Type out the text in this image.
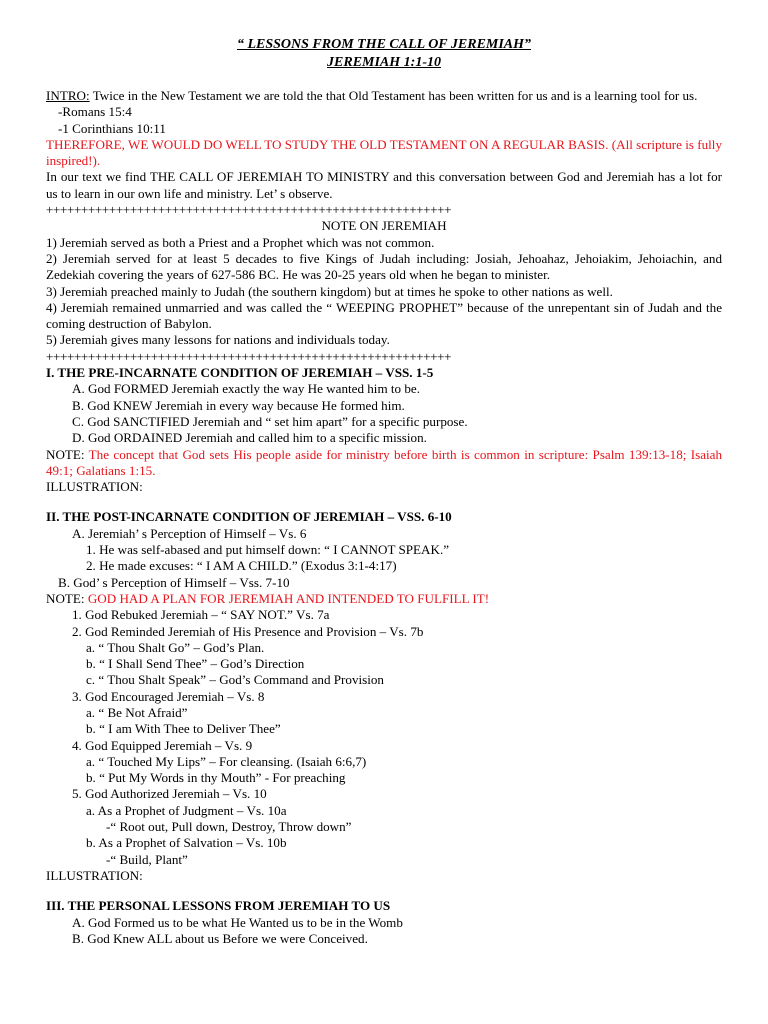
“ LESSONS FROM THE CALL OF JEREMIAH”
JEREMIAH 1:1-10
INTRO: Twice in the New Testament we are told the that Old Testament has been written for us and is a learning tool for us.
-Romans 15:4
-1 Corinthians 10:11
THEREFORE, WE WOULD DO WELL TO STUDY THE OLD TESTAMENT ON A REGULAR BASIS. (All scripture is fully inspired!).
In our text we find THE CALL OF JEREMIAH TO MINISTRY and this conversation between God and Jeremiah has a lot for us to learn in our own life and ministry. Let’ s observe.
++++++++++++++++++++++++++++++++++++++++++++++++++++++++++
NOTE ON JEREMIAH
1) Jeremiah served as both a Priest and a Prophet which was not common.
2) Jeremiah served for at least 5 decades to five Kings of Judah including: Josiah, Jehoahaz, Jehoiakim, Jehoiachin, and Zedekiah covering the years of 627-586 BC. He was 20-25 years old when he began to minister.
3) Jeremiah preached mainly to Judah (the southern kingdom) but at times he spoke to other nations as well.
4) Jeremiah remained unmarried and was called the “ WEEPING PROPHET” because of the unrepentant sin of Judah and the coming destruction of Babylon.
5) Jeremiah gives many lessons for nations and individuals today.
++++++++++++++++++++++++++++++++++++++++++++++++++++++++++
I. THE PRE-INCARNATE CONDITION OF JEREMIAH – VSS. 1-5
A. God FORMED Jeremiah exactly the way He wanted him to be.
B. God KNEW Jeremiah in every way because He formed him.
C. God SANCTIFIED Jeremiah and “ set him apart” for a specific purpose.
D. God ORDAINED Jeremiah and called him to a specific mission.
NOTE: The concept that God sets His people aside for ministry before birth is common in scripture: Psalm 139:13-18; Isaiah 49:1; Galatians 1:15.
ILLUSTRATION:
II. THE POST-INCARNATE CONDITION OF JEREMIAH – VSS. 6-10
A. Jeremiah’ s Perception of Himself – Vs. 6
1. He was self-abased and put himself down: “ I CANNOT SPEAK.”
2. He made excuses: “ I AM A CHILD.” (Exodus 3:1-4:17)
B. God’ s Perception of Himself – Vss. 7-10
NOTE: GOD HAD A PLAN FOR JEREMIAH AND INTENDED TO FULFILL IT!
1. God Rebuked Jeremiah – “ SAY NOT.” Vs. 7a
2. God Reminded Jeremiah of His Presence and Provision – Vs. 7b
a. “ Thou Shalt Go” – God’s Plan.
b. “ I Shall Send Thee” – God’s Direction
c. “ Thou Shalt Speak” – God’s Command and Provision
3. God Encouraged Jeremiah – Vs. 8
a. “ Be Not Afraid”
b. “ I am With Thee to Deliver Thee”
4. God Equipped Jeremiah – Vs. 9
a. “ Touched My Lips” – For cleansing. (Isaiah 6:6,7)
b. “ Put My Words in thy Mouth” - For preaching
5. God Authorized Jeremiah – Vs. 10
a. As a Prophet of Judgment – Vs. 10a
-“ Root out, Pull down, Destroy, Throw down”
b. As a Prophet of Salvation – Vs. 10b
-“ Build, Plant”
ILLUSTRATION:
III. THE PERSONAL LESSONS FROM JEREMIAH TO US
A. God Formed us to be what He Wanted us to be in the Womb
B. God Knew ALL about us Before we were Conceived.
